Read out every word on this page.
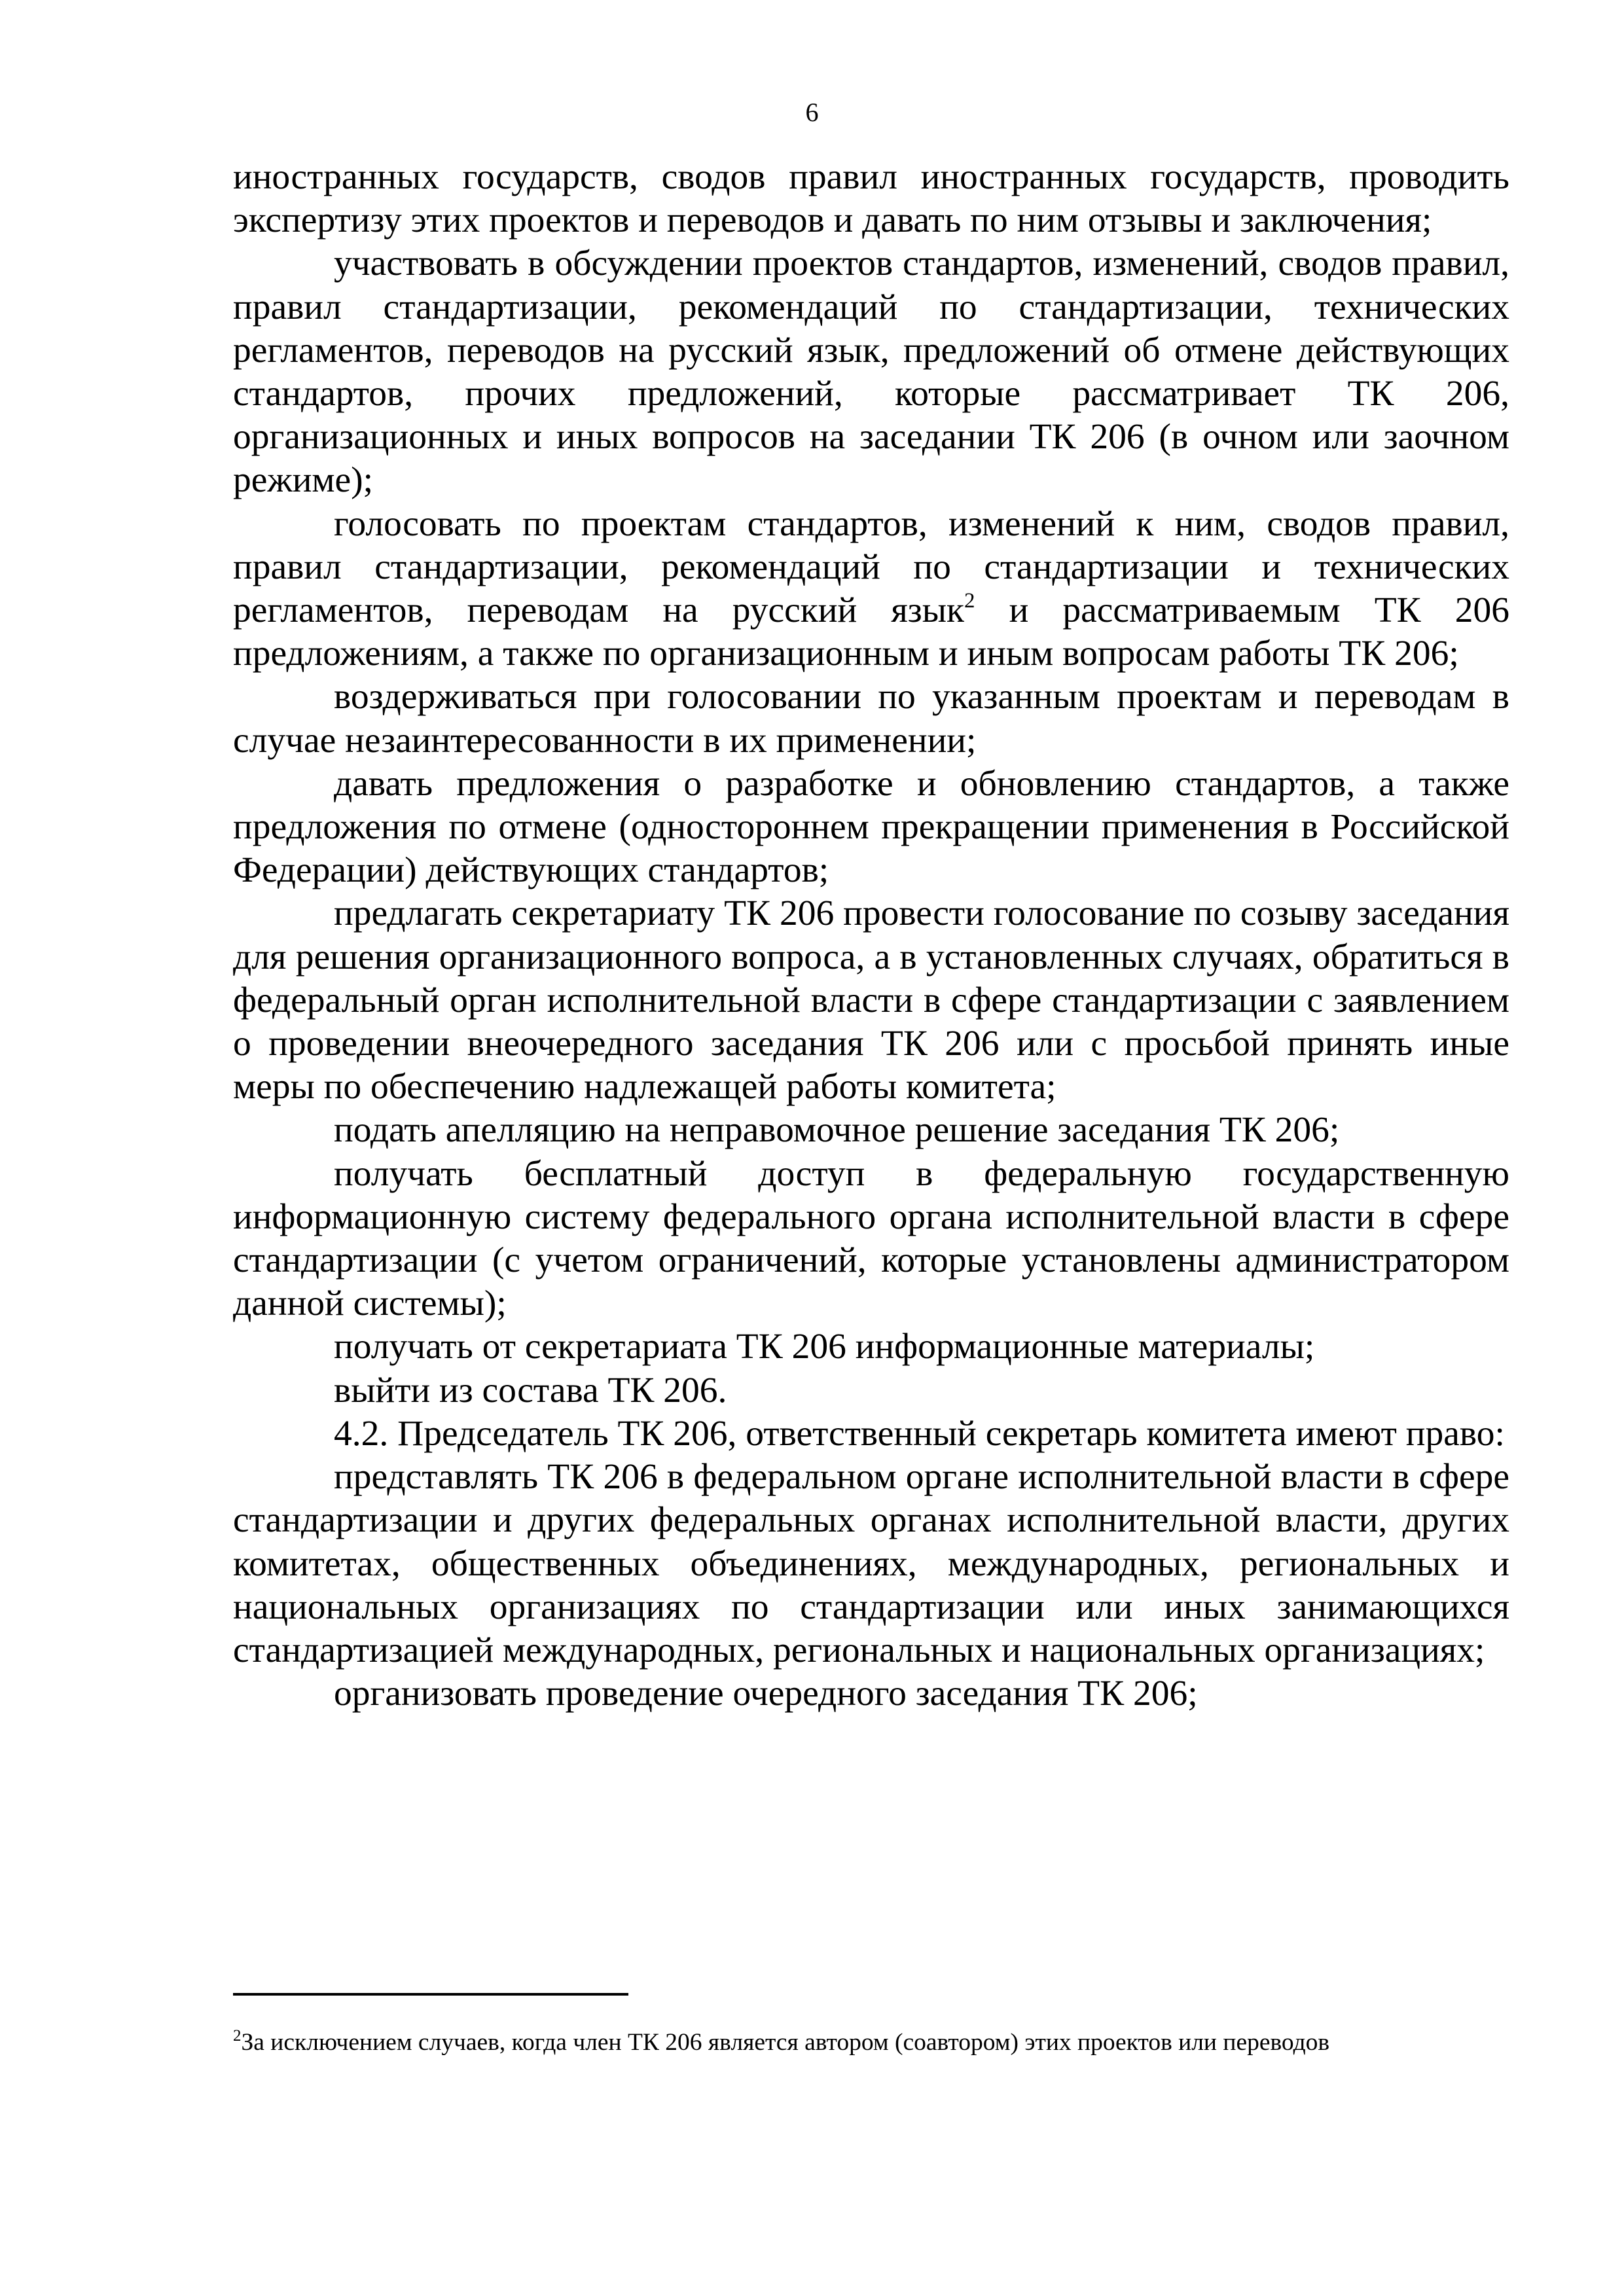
6

иностранных государств, сводов правил иностранных государств, проводить экспертизу этих проектов и переводов и давать по ним отзывы и заключения;

участвовать в обсуждении проектов стандартов, изменений, сводов правил, правил стандартизации, рекомендаций по стандартизации, технических регламентов, переводов на русский язык, предложений об отмене действующих стандартов, прочих предложений, которые рассматривает ТК 206, организационных и иных вопросов на заседании ТК 206 (в очном или заочном режиме);

голосовать по проектам стандартов, изменений к ним, сводов правил, правил стандартизации, рекомендаций по стандартизации и технических регламентов, переводам на русский язык$^2$ и рассматриваемым ТК 206 предложениям, а также по организационным и иным вопросам работы ТК 206;

воздерживаться при голосовании по указанным проектам и переводам в случае незаинтересованности в их применении;

давать предложения о разработке и обновлению стандартов, а также предложения по отмене (одностороннем прекращении применения в Российской Федерации) действующих стандартов;

предлагать секретариату ТК 206 провести голосование по созыву заседания для решения организационного вопроса, а в установленных случаях, обратиться в федеральный орган исполнительной власти в сфере стандартизации с заявлением о проведении внеочередного заседания ТК 206 или с просьбой принять иные меры по обеспечению надлежащей работы комитета;

подать апелляцию на неправомочное решение заседания ТК 206;

получать бесплатный доступ в федеральную государственную информационную систему федерального органа исполнительной власти в сфере стандартизации (с учетом ограничений, которые установлены администратором данной системы);

получать от секретариата ТК 206 информационные материалы;

выйти из состава ТК 206.

4.2. Председатель ТК 206, ответственный секретарь комитета имеют право:

представлять ТК 206 в федеральном органе исполнительной власти в сфере стандартизации и других федеральных органах исполнительной власти, других комитетах, общественных объединениях, международных, региональных и национальных организациях по стандартизации или иных занимающихся стандартизацией международных, региональных и национальных организациях;

организовать проведение очередного заседания ТК 206;

$^2$За исключением случаев, когда член ТК 206 является автором (соавтором) этих проектов или переводов
